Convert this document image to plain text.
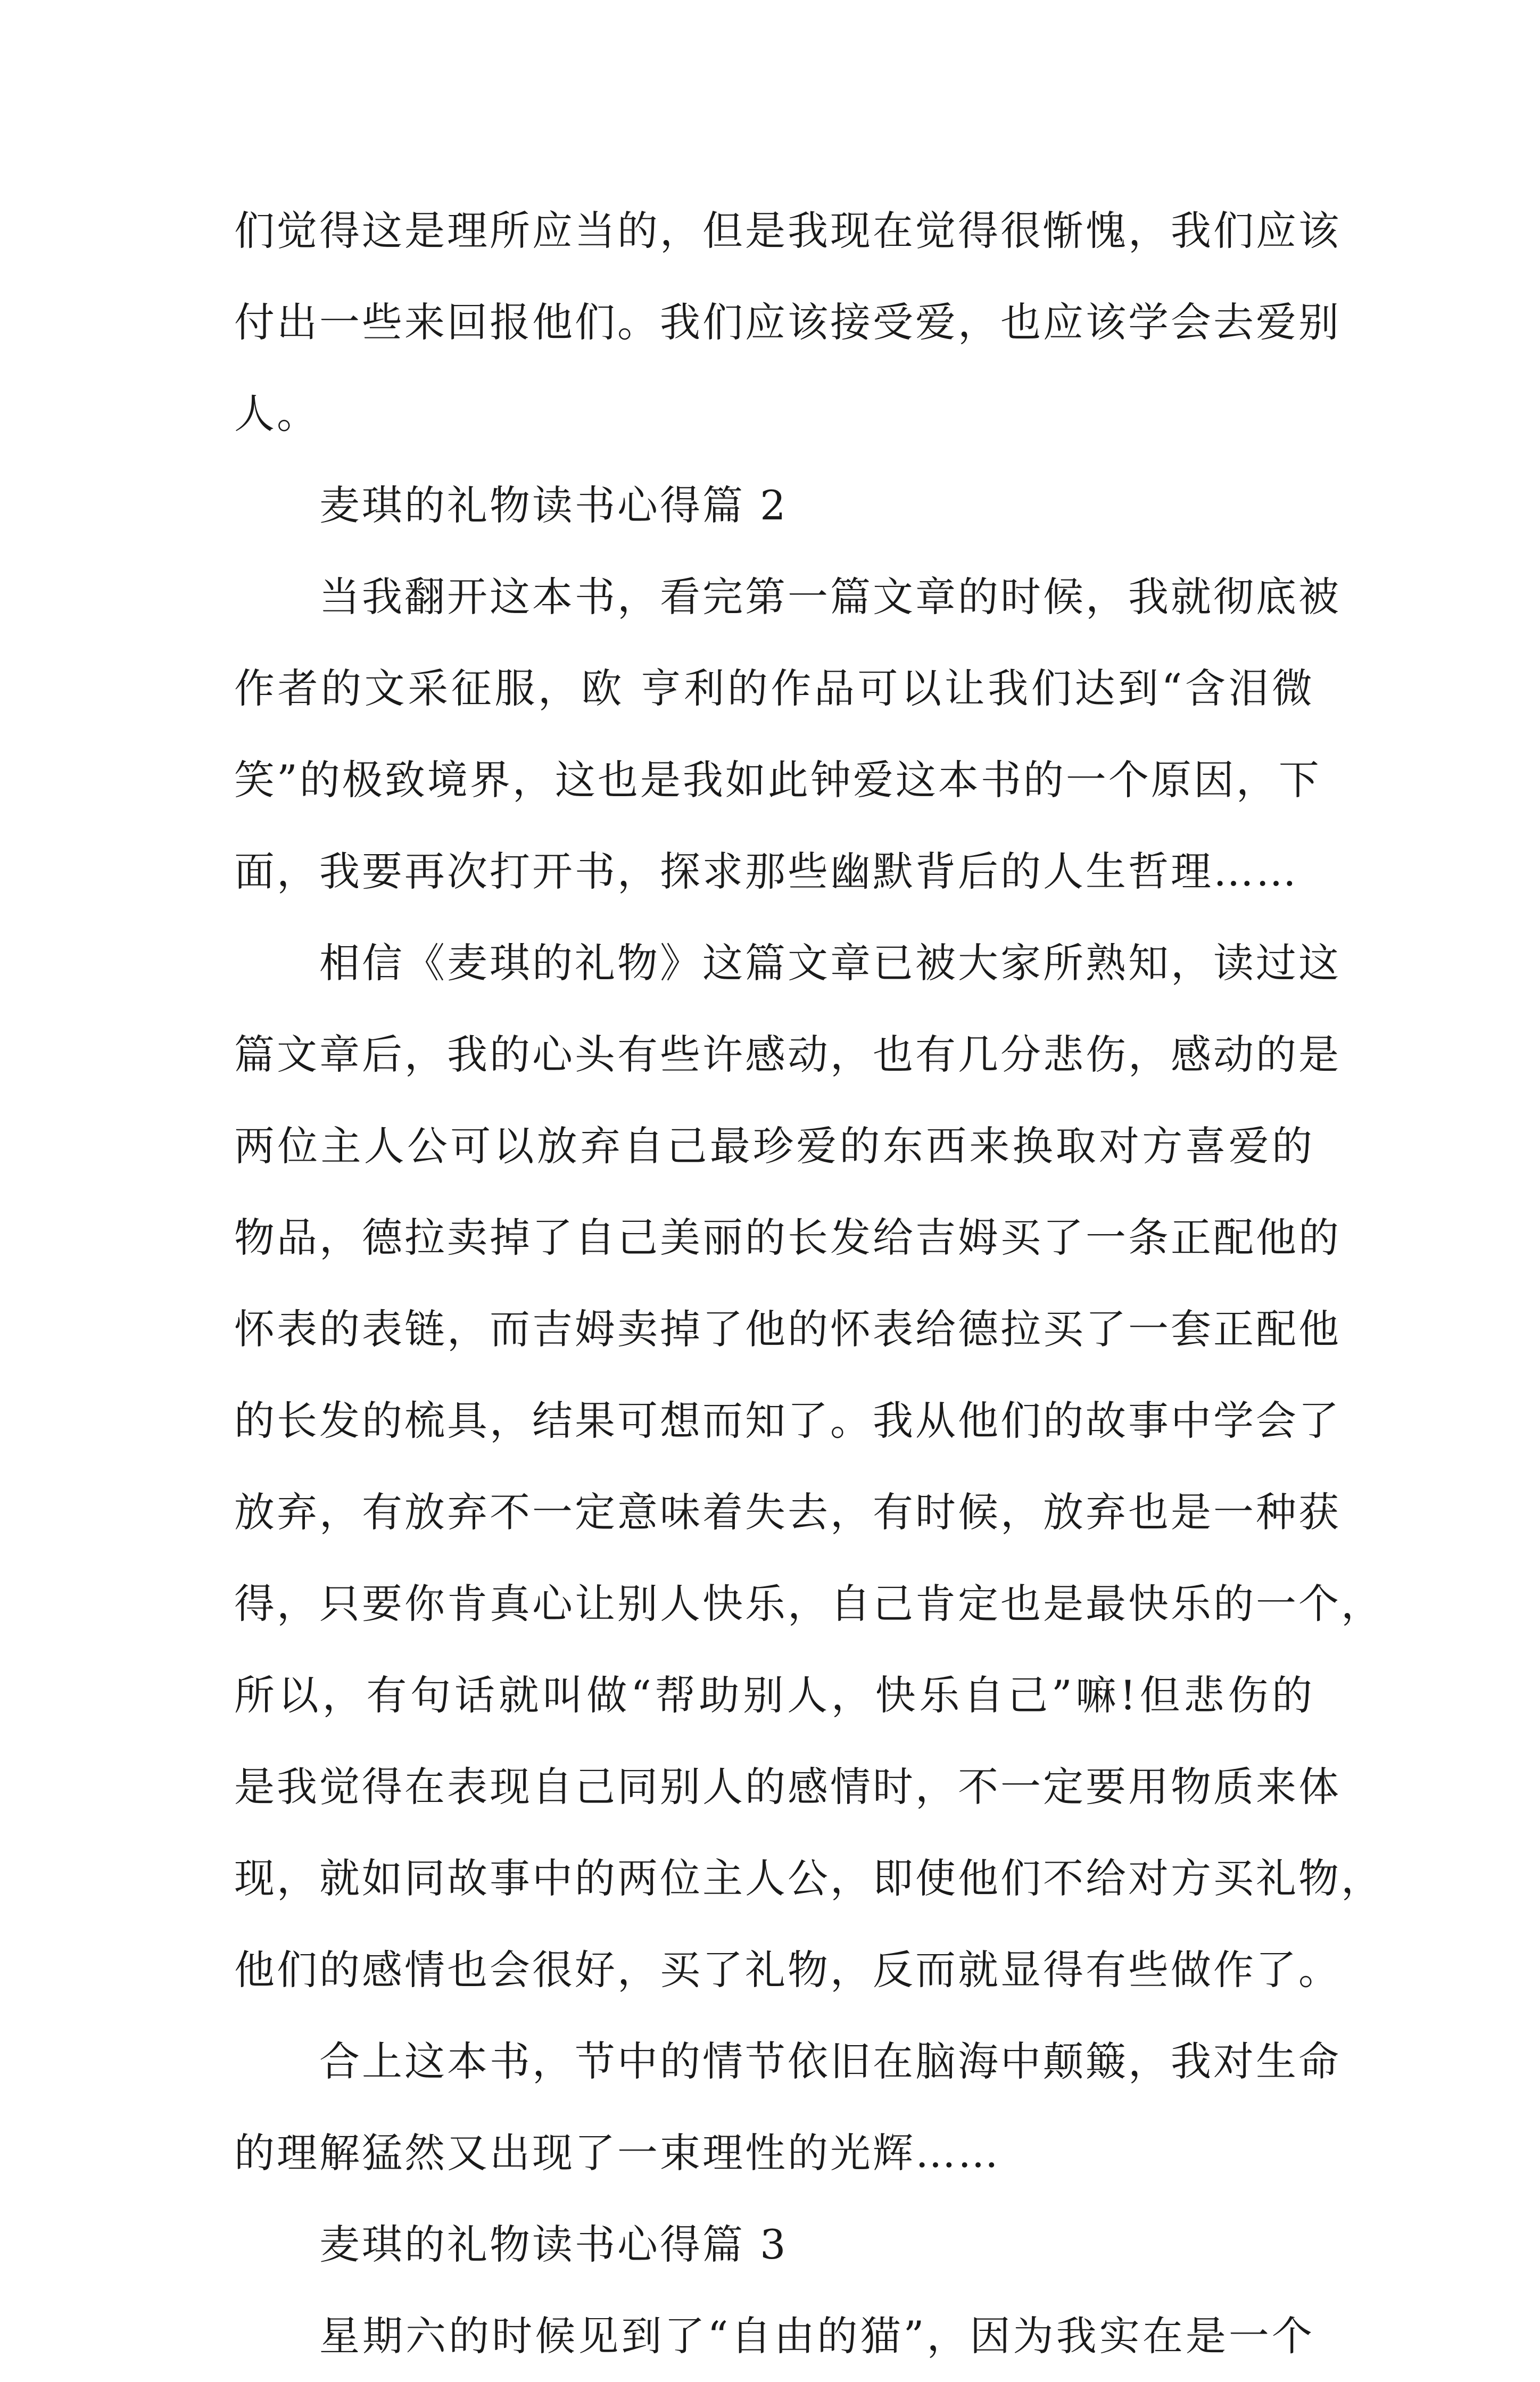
们觉得这是理所应当的，但是我现在觉得很惭愧，我们应该
付出一些来回报他们。我们应该接受爱，也应该学会去爱别
人。
麦琪的礼物读书心得篇 2
当我翻开这本书，看完第一篇文章的时候，我就彻底被
作者的文采征服，欧 亨利的作品可以让我们达到“含泪微
笑”的极致境界，这也是我如此钟爱这本书的一个原因，下
面，我要再次打开书，探求那些幽默背后的人生哲理……
相信《麦琪的礼物》这篇文章已被大家所熟知，读过这
篇文章后，我的心头有些许感动，也有几分悲伤，感动的是
两位主人公可以放弃自己最珍爱的东西来换取对方喜爱的
物品，德拉卖掉了自己美丽的长发给吉姆买了一条正配他的
怀表的表链，而吉姆卖掉了他的怀表给德拉买了一套正配他
的长发的梳具，结果可想而知了。我从他们的故事中学会了
放弃，有放弃不一定意味着失去，有时候，放弃也是一种获
得，只要你肯真心让别人快乐，自己肯定也是最快乐的一个，
所以，有句话就叫做“帮助别人，快乐自己”嘛!但悲伤的
是我觉得在表现自己同别人的感情时，不一定要用物质来体
现，就如同故事中的两位主人公，即使他们不给对方买礼物，
他们的感情也会很好，买了礼物，反而就显得有些做作了。
合上这本书，节中的情节依旧在脑海中颠簸，我对生命
的理解猛然又出现了一束理性的光辉……
麦琪的礼物读书心得篇 3
星期六的时候见到了“自由的猫”，因为我实在是一个
